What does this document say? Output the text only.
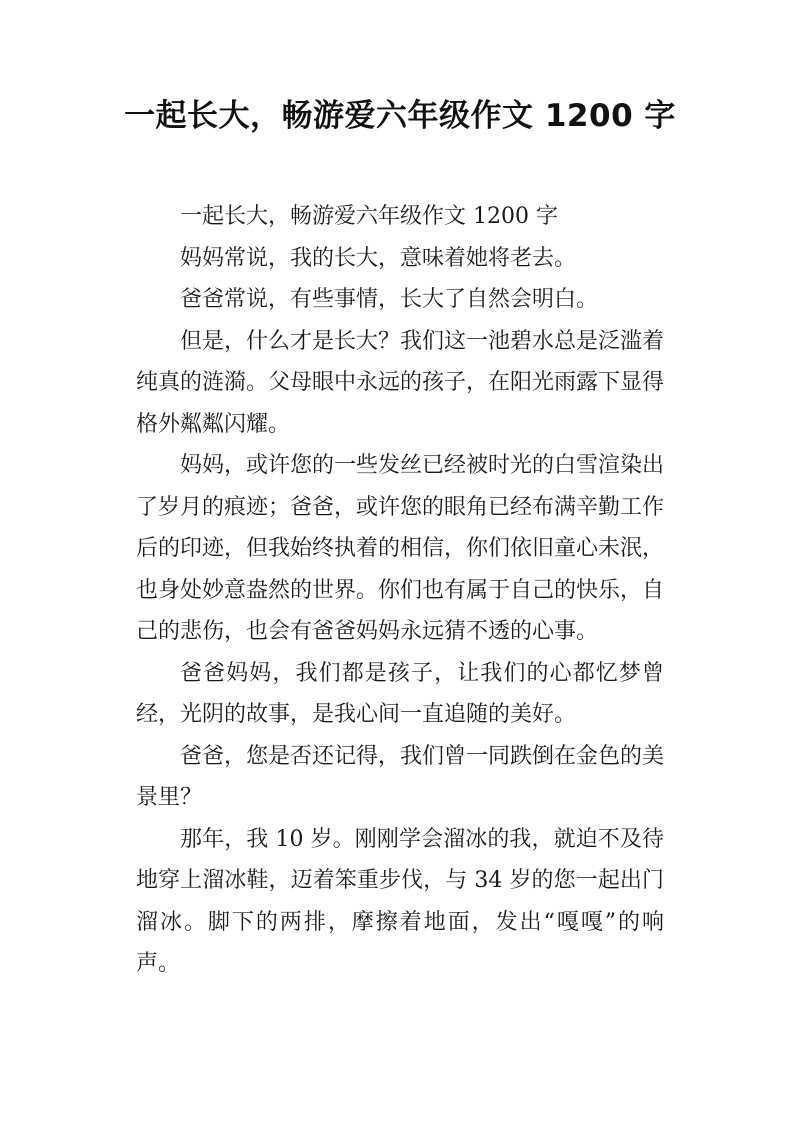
一起长大，畅游爱六年级作文 1200 字

一起长大，畅游爱六年级作文 1200 字

妈妈常说，我的长大，意味着她将老去。

爸爸常说，有些事情，长大了自然会明白。

但是，什么才是长大？我们这一池碧水总是泛滥着纯真的涟漪。父母眼中永远的孩子，在阳光雨露下显得格外粼粼闪耀。

妈妈，或许您的一些发丝已经被时光的白雪渲染出了岁月的痕迹；爸爸，或许您的眼角已经布满辛勤工作后的印迹，但我始终执着的相信，你们依旧童心未泯，也身处妙意盎然的世界。你们也有属于自己的快乐，自己的悲伤，也会有爸爸妈妈永远猜不透的心事。

爸爸妈妈，我们都是孩子，让我们的心都忆梦曾经，光阴的故事，是我心间一直追随的美好。

爸爸，您是否还记得，我们曾一同跌倒在金色的美景里？

那年，我 10 岁。刚刚学会溜冰的我，就迫不及待地穿上溜冰鞋，迈着笨重步伐，与 34 岁的您一起出门溜冰。脚下的两排，摩擦着地面，发出“嘎嘎”的响声。
